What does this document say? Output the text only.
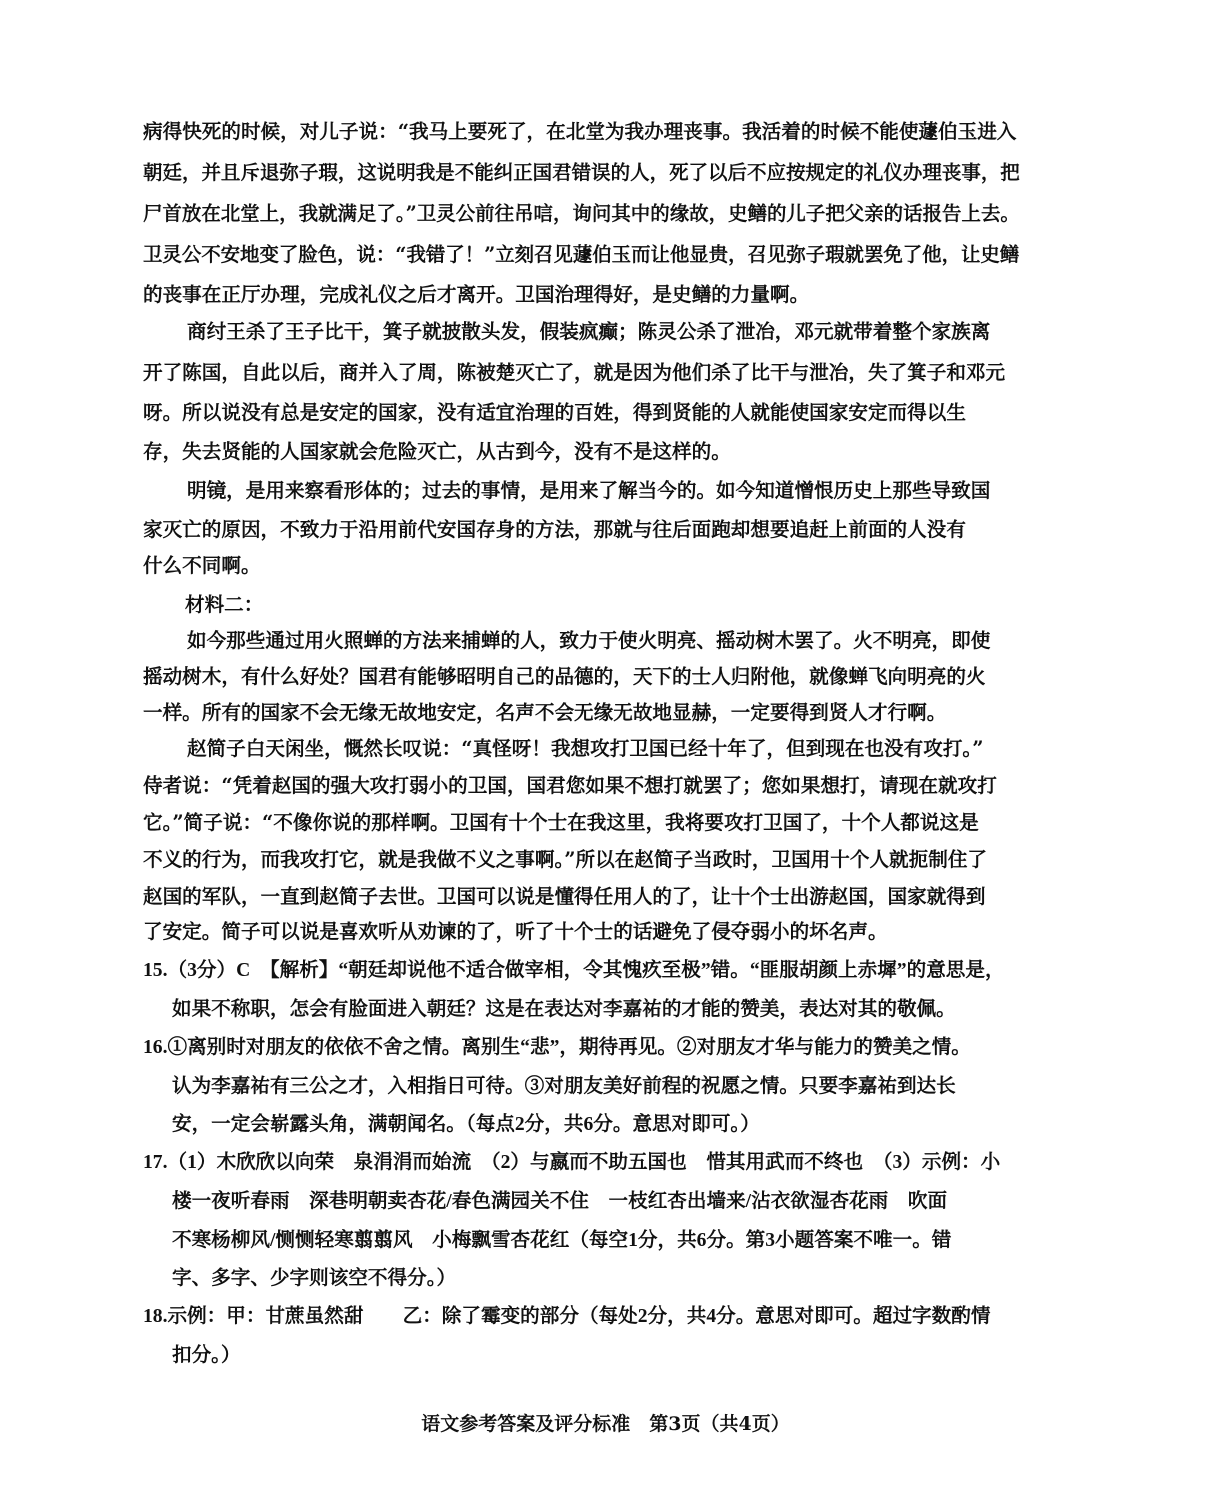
病得快死的时候，对儿子说：“我马上要死了，在北堂为我办理丧事。我活着的时候不能使蘧伯玉进入
朝廷，并且斥退弥子瑕，这说明我是不能纠正国君错误的人，死了以后不应按规定的礼仪办理丧事，把
尸首放在北堂上，我就满足了。”卫灵公前往吊唁，询问其中的缘故，史鳝的儿子把父亲的话报告上去。
卫灵公不安地变了脸色，说：“我错了！”立刻召见蘧伯玉而让他显贵，召见弥子瑕就罢免了他，让史鳝
的丧事在正厅办理，完成礼仪之后才离开。卫国治理得好，是史鳝的力量啊。
商纣王杀了王子比干，箕子就披散头发，假装疯癫；陈灵公杀了泄冶，邓元就带着整个家族离
开了陈国，自此以后，商并入了周，陈被楚灭亡了，就是因为他们杀了比干与泄冶，失了箕子和邓元
呀。所以说没有总是安定的国家，没有适宜治理的百姓，得到贤能的人就能使国家安定而得以生
存，失去贤能的人国家就会危险灭亡，从古到今，没有不是这样的。
明镜，是用来察看形体的；过去的事情，是用来了解当今的。如今知道憎恨历史上那些导致国
家灭亡的原因，不致力于沿用前代安国存身的方法，那就与往后面跑却想要追赶上前面的人没有
什么不同啊。
材料二：
如今那些通过用火照蝉的方法来捕蝉的人，致力于使火明亮、摇动树木罢了。火不明亮，即使
摇动树木，有什么好处？国君有能够昭明自己的品德的，天下的士人归附他，就像蝉飞向明亮的火
一样。所有的国家不会无缘无故地安定，名声不会无缘无故地显赫，一定要得到贤人才行啊。
赵简子白天闲坐，慨然长叹说：“真怪呀！我想攻打卫国已经十年了，但到现在也没有攻打。”
侍者说：“凭着赵国的强大攻打弱小的卫国，国君您如果不想打就罢了；您如果想打，请现在就攻打
它。”简子说：“不像你说的那样啊。卫国有十个士在我这里，我将要攻打卫国了，十个人都说这是
不义的行为，而我攻打它，就是我做不义之事啊。”所以在赵简子当政时，卫国用十个人就扼制住了
赵国的军队，一直到赵简子去世。卫国可以说是懂得任用人的了，让十个士出游赵国，国家就得到
了安定。简子可以说是喜欢听从劝谏的了，听了十个士的话避免了侵夺弱小的坏名声。
15.（3分）C　【解析】“朝廷却说他不适合做宰相，令其愧疚至极”错。“匪服胡颜上赤墀”的意思是，
如果不称职，怎会有脸面进入朝廷？这是在表达对李嘉祐的才能的赞美，表达对其的敬佩。
16.①离别时对朋友的依依不舍之情。离别生“悲”，期待再见。②对朋友才华与能力的赞美之情。
认为李嘉祐有三公之才，入相指日可待。③对朋友美好前程的祝愿之情。只要李嘉祐到达长
安，一定会崭露头角，满朝闻名。（每点2分，共6分。意思对即可。）
17.（1）木欣欣以向荣　泉涓涓而始流　（2）与嬴而不助五国也　惜其用武而不终也　（3）示例：小
楼一夜听春雨　深巷明朝卖杏花/春色满园关不住　一枝红杏出墙来/沾衣欲湿杏花雨　吹面
不寒杨柳风/恻恻轻寒翦翦风　小梅飘雪杏花红（每空1分，共6分。第3小题答案不唯一。错
字、多字、少字则该空不得分。）
18.示例：甲：甘蔗虽然甜　　乙：除了霉变的部分（每处2分，共4分。意思对即可。超过字数酌情
扣分。）
语文参考答案及评分标准　第3页（共4页）
